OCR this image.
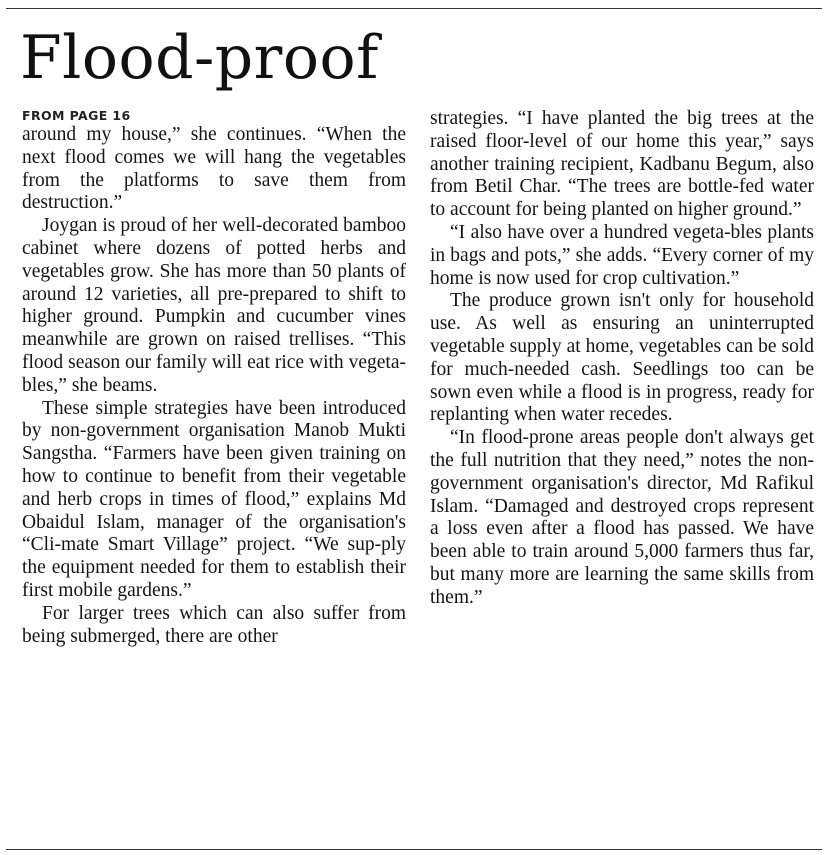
Flood-proof
FROM PAGE 16

around my house,” she continues. “When the next flood comes we will hang the vegetables from the platforms to save them from destruction.”

Joygan is proud of her well-decorated bamboo cabinet where dozens of potted herbs and vegetables grow. She has more than 50 plants of around 12 varieties, all pre-prepared to shift to higher ground. Pumpkin and cucumber vines meanwhile are grown on raised trellises. “This flood season our family will eat rice with vegeta-bles,” she beams.

These simple strategies have been introduced by non-government organisation Manob Mukti Sangstha. “Farmers have been given training on how to continue to benefit from their vegetable and herb crops in times of flood,” explains Md Obaidul Islam, manager of the organisation's “Cli-mate Smart Village” project. “We sup-ply the equipment needed for them to establish their first mobile gardens.”

For larger trees which can also suffer from being submerged, there are other

strategies. “I have planted the big trees at the raised floor-level of our home this year,” says another training recipient, Kadbanu Begum, also from Betil Char. “The trees are bottle-fed water to account for being planted on higher ground.”

“I also have over a hundred vegeta-bles plants in bags and pots,” she adds. “Every corner of my home is now used for crop cultivation.”

The produce grown isn't only for household use. As well as ensuring an uninterrupted vegetable supply at home, vegetables can be sold for much-needed cash. Seedlings too can be sown even while a flood is in progress, ready for replanting when water recedes.

“In flood-prone areas people don't always get the full nutrition that they need,” notes the non-government organisation's director, Md Rafikul Islam. “Damaged and destroyed crops represent a loss even after a flood has passed. We have been able to train around 5,000 farmers thus far, but many more are learning the same skills from them.”
